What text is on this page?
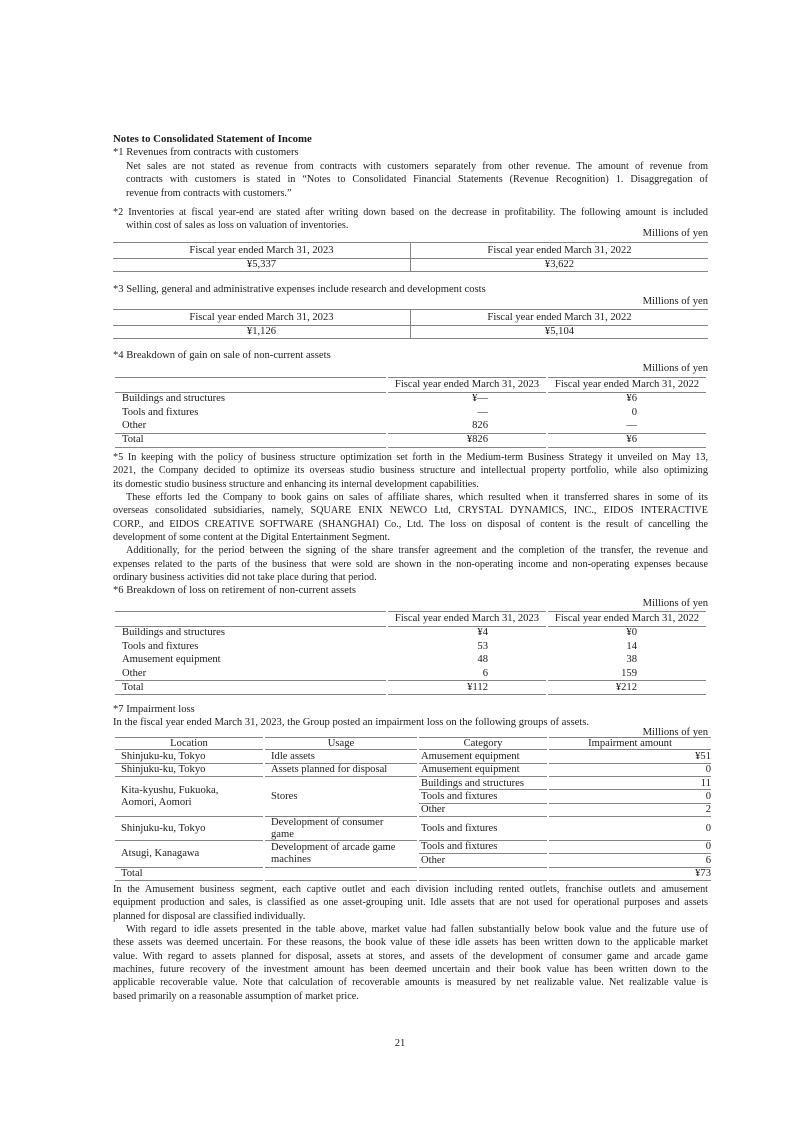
Notes to Consolidated Statement of Income
*1 Revenues from contracts with customers
Net sales are not stated as revenue from contracts with customers separately from other revenue. The amount of revenue from
contracts with customers is stated in “Notes to Consolidated Financial Statements (Revenue Recognition) 1. Disaggregation of
revenue from contracts with customers.”
*2 Inventories at fiscal year-end are stated after writing down based on the decrease in profitability. The following amount is included
within cost of sales as loss on valuation of inventories.
Millions of yen
Fiscal year ended March 31, 2023	Fiscal year ended March 31, 2022
¥5,337	¥3,622
*3 Selling, general and administrative expenses include research and development costs
Millions of yen
Fiscal year ended March 31, 2023	Fiscal year ended March 31, 2022
¥1,126	¥5,104
*4 Breakdown of gain on sale of non-current assets
Millions of yen
	Fiscal year ended March 31, 2023	Fiscal year ended March 31, 2022
Buildings and structures	¥—	¥6
Tools and fixtures	—	0
Other	826	—
Total	¥826	¥6
*5 In keeping with the policy of business structure optimization set forth in the Medium-term Business Strategy it unveiled on May 13,
2021, the Company decided to optimize its overseas studio business structure and intellectual property portfolio, while also optimizing
its domestic studio business structure and enhancing its internal development capabilities.
These efforts led the Company to book gains on sales of affiliate shares, which resulted when it transferred shares in some of its
overseas consolidated subsidiaries, namely, SQUARE ENIX NEWCO Ltd, CRYSTAL DYNAMICS, INC., EIDOS INTERACTIVE
CORP., and EIDOS CREATIVE SOFTWARE (SHANGHAI) Co., Ltd. The loss on disposal of content is the result of cancelling the
development of some content at the Digital Entertainment Segment.
Additionally, for the period between the signing of the share transfer agreement and the completion of the transfer, the revenue and
expenses related to the parts of the business that were sold are shown in the non-operating income and non-operating expenses because
ordinary business activities did not take place during that period.
*6 Breakdown of loss on retirement of non-current assets
Millions of yen
	Fiscal year ended March 31, 2023	Fiscal year ended March 31, 2022
Buildings and structures	¥4	¥0
Tools and fixtures	53	14
Amusement equipment	48	38
Other	6	159
Total	¥112	¥212
*7 Impairment loss
In the fiscal year ended March 31, 2023, the Group posted an impairment loss on the following groups of assets.
Millions of yen
Location	Usage	Category	Impairment amount

Shinjuku-ku, Tokyo	Idle assets	Amusement equipment	¥51

Shinjuku-ku, Tokyo	Assets planned for disposal	Amusement equipment	0

Kita-kyushu, Fukuoka,
Aomori, Aomori	Stores	Buildings and structures	11
		Tools and fixtures	0
		Other	2

Shinjuku-ku, Tokyo	Development of consumer
game	Tools and fixtures	0

Atsugi, Kanagawa	Development of arcade game
machines	Tools and fixtures	0
		Other	6
Total			¥73
In the Amusement business segment, each captive outlet and each division including rented outlets, franchise outlets and amusement
equipment production and sales, is classified as one asset-grouping unit. Idle assets that are not used for operational purposes and assets
planned for disposal are classified individually.
With regard to idle assets presented in the table above, market value had fallen substantially below book value and the future use of
these assets was deemed uncertain. For these reasons, the book value of these idle assets has been written down to the applicable market
value. With regard to assets planned for disposal, assets at stores, and assets of the development of consumer game and arcade game
machines, future recovery of the investment amount has been deemed uncertain and their book value has been written down to the
applicable recoverable value. Note that calculation of recoverable amounts is measured by net realizable value. Net realizable value is
based primarily on a reasonable assumption of market price.
21
